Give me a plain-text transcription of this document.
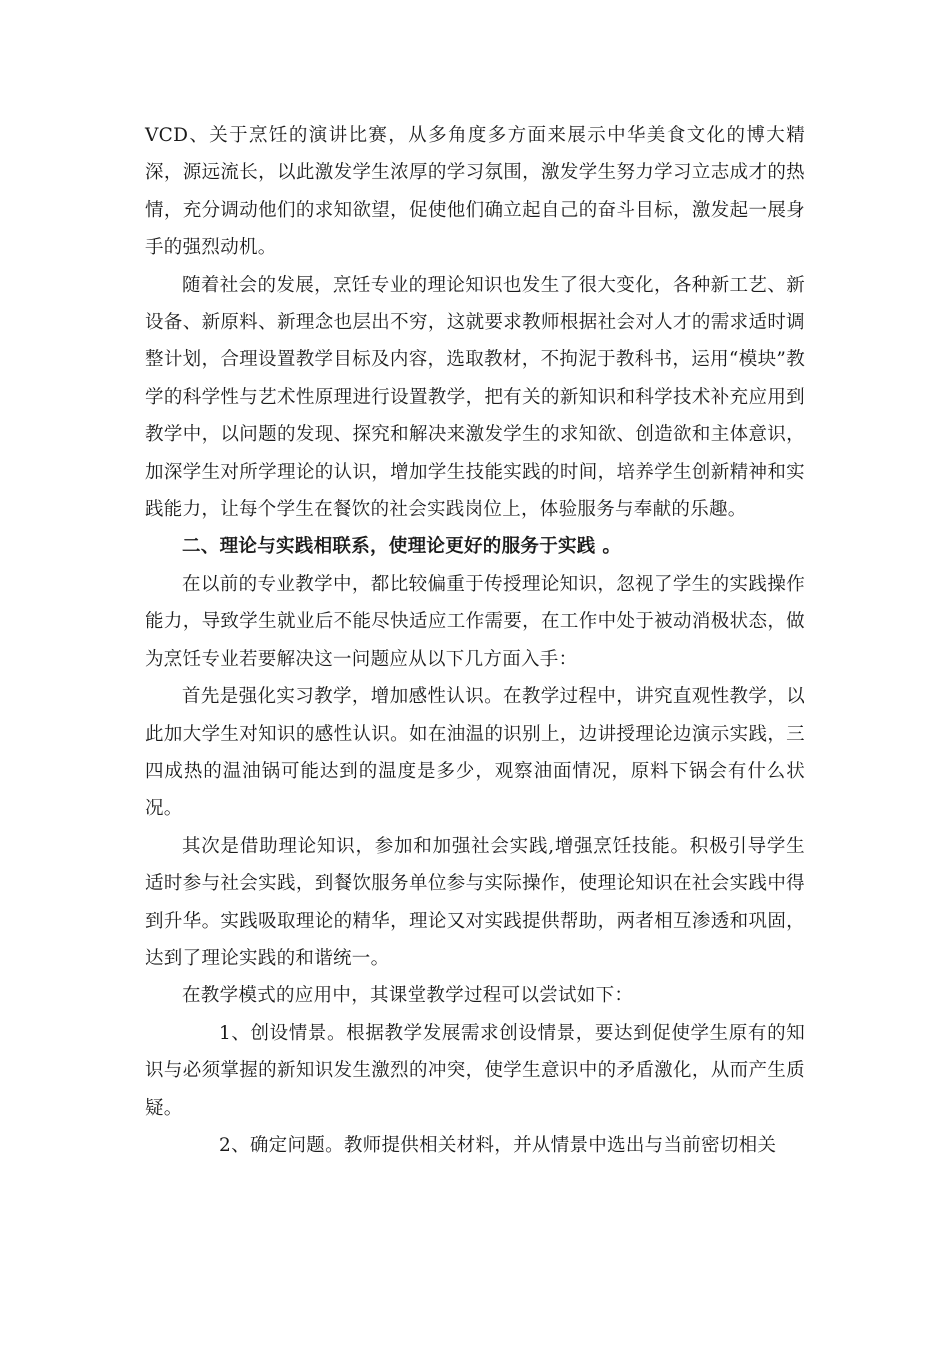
VCD、关于烹饪的演讲比赛，从多角度多方面来展示中华美食文化的博大精深，源远流长，以此激发学生浓厚的学习氛围，激发学生努力学习立志成才的热情，充分调动他们的求知欲望，促使他们确立起自己的奋斗目标，激发起一展身手的强烈动机。

随着社会的发展，烹饪专业的理论知识也发生了很大变化，各种新工艺、新设备、新原料、新理念也层出不穷，这就要求教师根据社会对人才的需求适时调整计划，合理设置教学目标及内容，选取教材，不拘泥于教科书，运用“模块”教学的科学性与艺术性原理进行设置教学，把有关的新知识和科学技术补充应用到教学中，以问题的发现、探究和解决来激发学生的求知欲、创造欲和主体意识，加深学生对所学理论的认识，增加学生技能实践的时间，培养学生创新精神和实践能力，让每个学生在餐饮的社会实践岗位上，体验服务与奉献的乐趣。

二、理论与实践相联系，使理论更好的服务于实践 。

在以前的专业教学中，都比较偏重于传授理论知识，忽视了学生的实践操作能力，导致学生就业后不能尽快适应工作需要，在工作中处于被动消极状态，做为烹饪专业若要解决这一问题应从以下几方面入手：

首先是强化实习教学，增加感性认识。在教学过程中，讲究直观性教学，以此加大学生对知识的感性认识。如在油温的识别上，边讲授理论边演示实践，三四成热的温油锅可能达到的温度是多少，观察油面情况，原料下锅会有什么状况。

其次是借助理论知识，参加和加强社会实践,增强烹饪技能。积极引导学生适时参与社会实践，到餐饮服务单位参与实际操作，使理论知识在社会实践中得到升华。实践吸取理论的精华，理论又对实践提供帮助，两者相互渗透和巩固，达到了理论实践的和谐统一。

在教学模式的应用中，其课堂教学过程可以尝试如下：

1、创设情景。根据教学发展需求创设情景，要达到促使学生原有的知识与必须掌握的新知识发生激烈的冲突，使学生意识中的矛盾激化，从而产生质疑。

2、确定问题。教师提供相关材料，并从情景中选出与当前密切相关
